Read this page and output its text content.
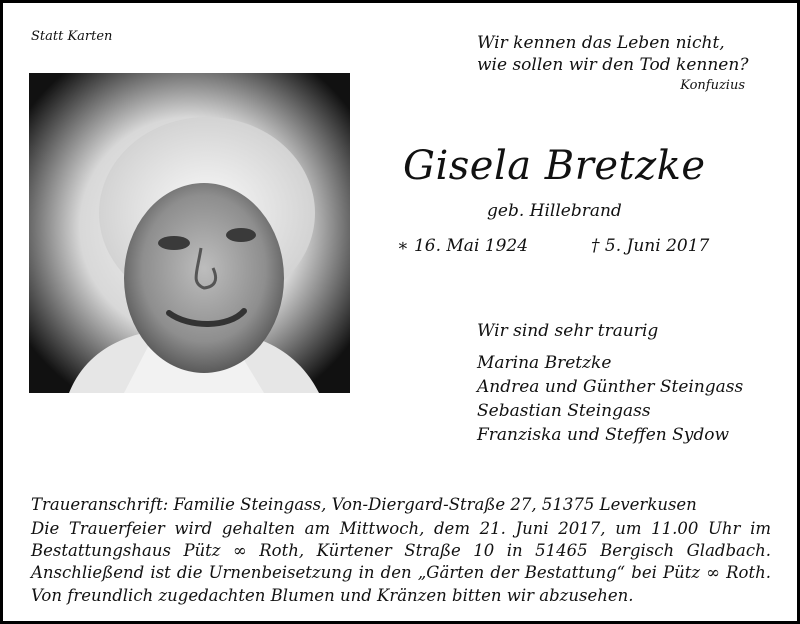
Statt Karten	Wir kennen das Leben nicht,
wie sollen wir den Tod kennen?
Konfuzius
Gisela Bretzke
geb. Hillebrand
∗ 16. Mai 1924	† 5. Juni 2017
Wir sind sehr traurig
Marina Bretzke
Andrea und Günther Steingass
Sebastian Steingass
Franziska und Steffen Sydow
Traueranschrift: Familie Steingass, Von-Diergard-Straße 27, 51375 Leverkusen
Die Trauerfeier wird gehalten am Mittwoch, dem 21. Juni 2017, um 11.00 Uhr im
Bestattungshaus Pütz ∞ Roth, Kürtener Straße 10 in 51465 Bergisch Gladbach.
Anschließend ist die Urnenbeisetzung in den „Gärten der Bestattung“ bei Pütz ∞ Roth.
Von freundlich zugedachten Blumen und Kränzen bitten wir abzusehen.
